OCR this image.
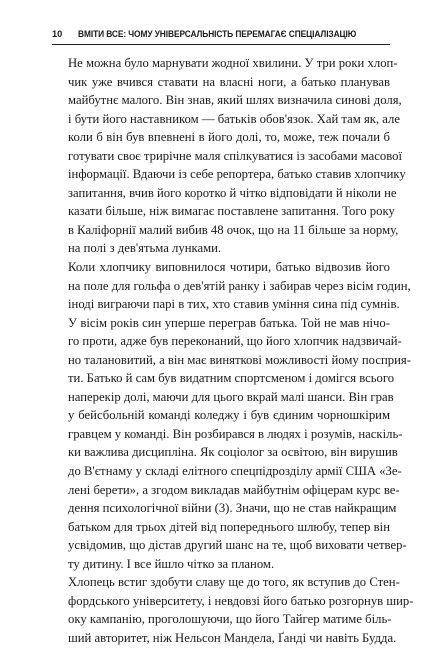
10	ВМІТИ ВСЕ: ЧОМУ УНІВЕРСАЛЬНІСТЬ ПЕРЕМАГАЄ СПЕЦІАЛІЗАЦІЮ

Не можна було марнувати жодної хвилини. У три роки хлоп-
чик уже вчився ставати на власні ноги, а батько планував
майбутнє малого. Він знав, який шлях визначила синові доля,
і бути його наставником — батьків обов'язок. Хай там як, але
коли б він був впевнені в його долі, то, може, теж почали б
готувати своє трирічне маля спілкуватися із засобами масової
інформації. Вдаючи із себе репортера, батько ставив хлопчику
запитання, вчив його коротко й чітко відповідати й ніколи не
казати більше, ніж вимагає поставлене запитання. Того року
в Каліфорнії малий вибив 48 очок, що на 11 більше за норму,
на полі з дев'ятьма лунками.

Коли хлопчику виповнилося чотири, батько відвозив його
на поле для гольфа о дев'ятій ранку і забирав через вісім годин,
іноді виграючи парі в тих, хто ставив уміння сина під сумнів.

У вісім років син уперше переграв батька. Той не мав нічо-
го проти, адже був переконаний, що його хлопчик надзвичай-
но талановитий, а він має виняткові можливості йому посприя-
ти. Батько й сам був видатним спортсменом і домігся всього
наперекір долі, маючи для цього вкрай малі шанси. Він грав
у бейсбольній команді коледжу і був єдиним чорношкірим
гравцем у команді. Він розбирався в людях і розумів, наскіль-
ки важлива дисципліна. Як соціолог за освітою, він вирушив
до В'єтнаму у складі елітного спецпідрозділу армії США «Зе-
лені берети», а згодом викладав майбутнім офіцерам курс ве-
дення психологічної війни (3). Значи, що не став найкращим
батьком для трьох дітей від попереднього шлюбу, тепер він
усвідомив, що дістав другий шанс на те, щоб виховати четвер-
ту дитину. І все йшло чітко за планом.

Хлопець встиг здобути славу ще до того, як вступив до Стен-
фордського університету, і невдовзі його батько розгорнув шир-
оку кампанію, проголошуючи, що його Тайгер матиме біль-
ший авторитет, ніж Нельсон Мандела, Ґанді чи навіть Будда.
